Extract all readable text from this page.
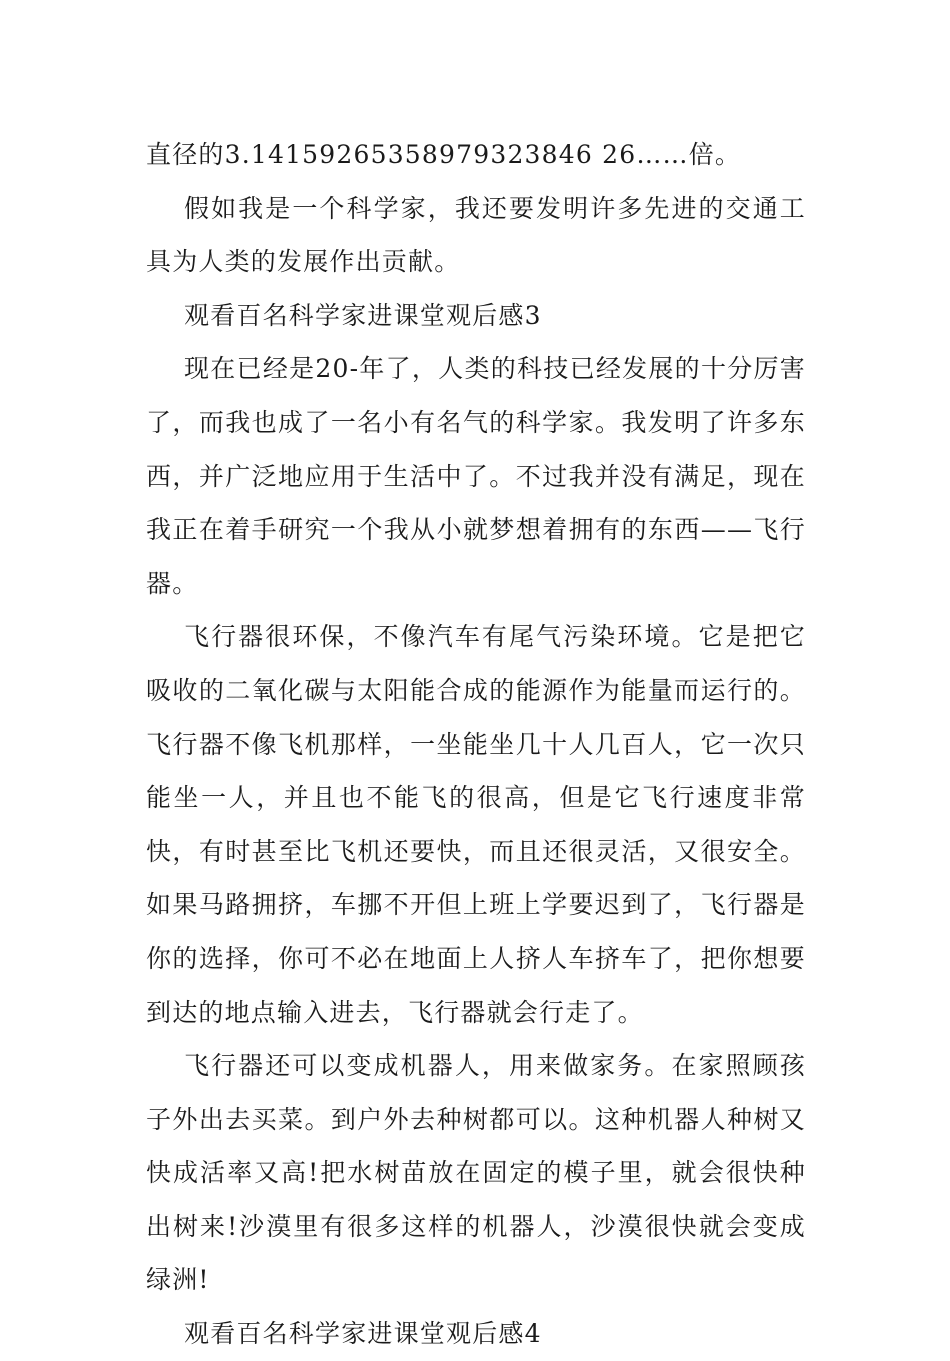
直径的3.14159265358979323846 26……倍。

假如我是一个科学家，我还要发明许多先进的交通工具为人类的发展作出贡献。

观看百名科学家进课堂观后感3

现在已经是20-年了，人类的科技已经发展的十分厉害了，而我也成了一名小有名气的科学家。我发明了许多东西，并广泛地应用于生活中了。不过我并没有满足，现在我正在着手研究一个我从小就梦想着拥有的东西——飞行器。

飞行器很环保，不像汽车有尾气污染环境。它是把它吸收的二氧化碳与太阳能合成的能源作为能量而运行的。飞行器不像飞机那样，一坐能坐几十人几百人，它一次只能坐一人，并且也不能飞的很高，但是它飞行速度非常快，有时甚至比飞机还要快，而且还很灵活，又很安全。如果马路拥挤，车挪不开但上班上学要迟到了，飞行器是你的选择，你可不必在地面上人挤人车挤车了，把你想要到达的地点输入进去，飞行器就会行走了。

飞行器还可以变成机器人，用来做家务。在家照顾孩子外出去买菜。到户外去种树都可以。这种机器人种树又快成活率又高!把水树苗放在固定的模子里，就会很快种出树来!沙漠里有很多这样的机器人，沙漠很快就会变成绿洲!

观看百名科学家进课堂观后感4
